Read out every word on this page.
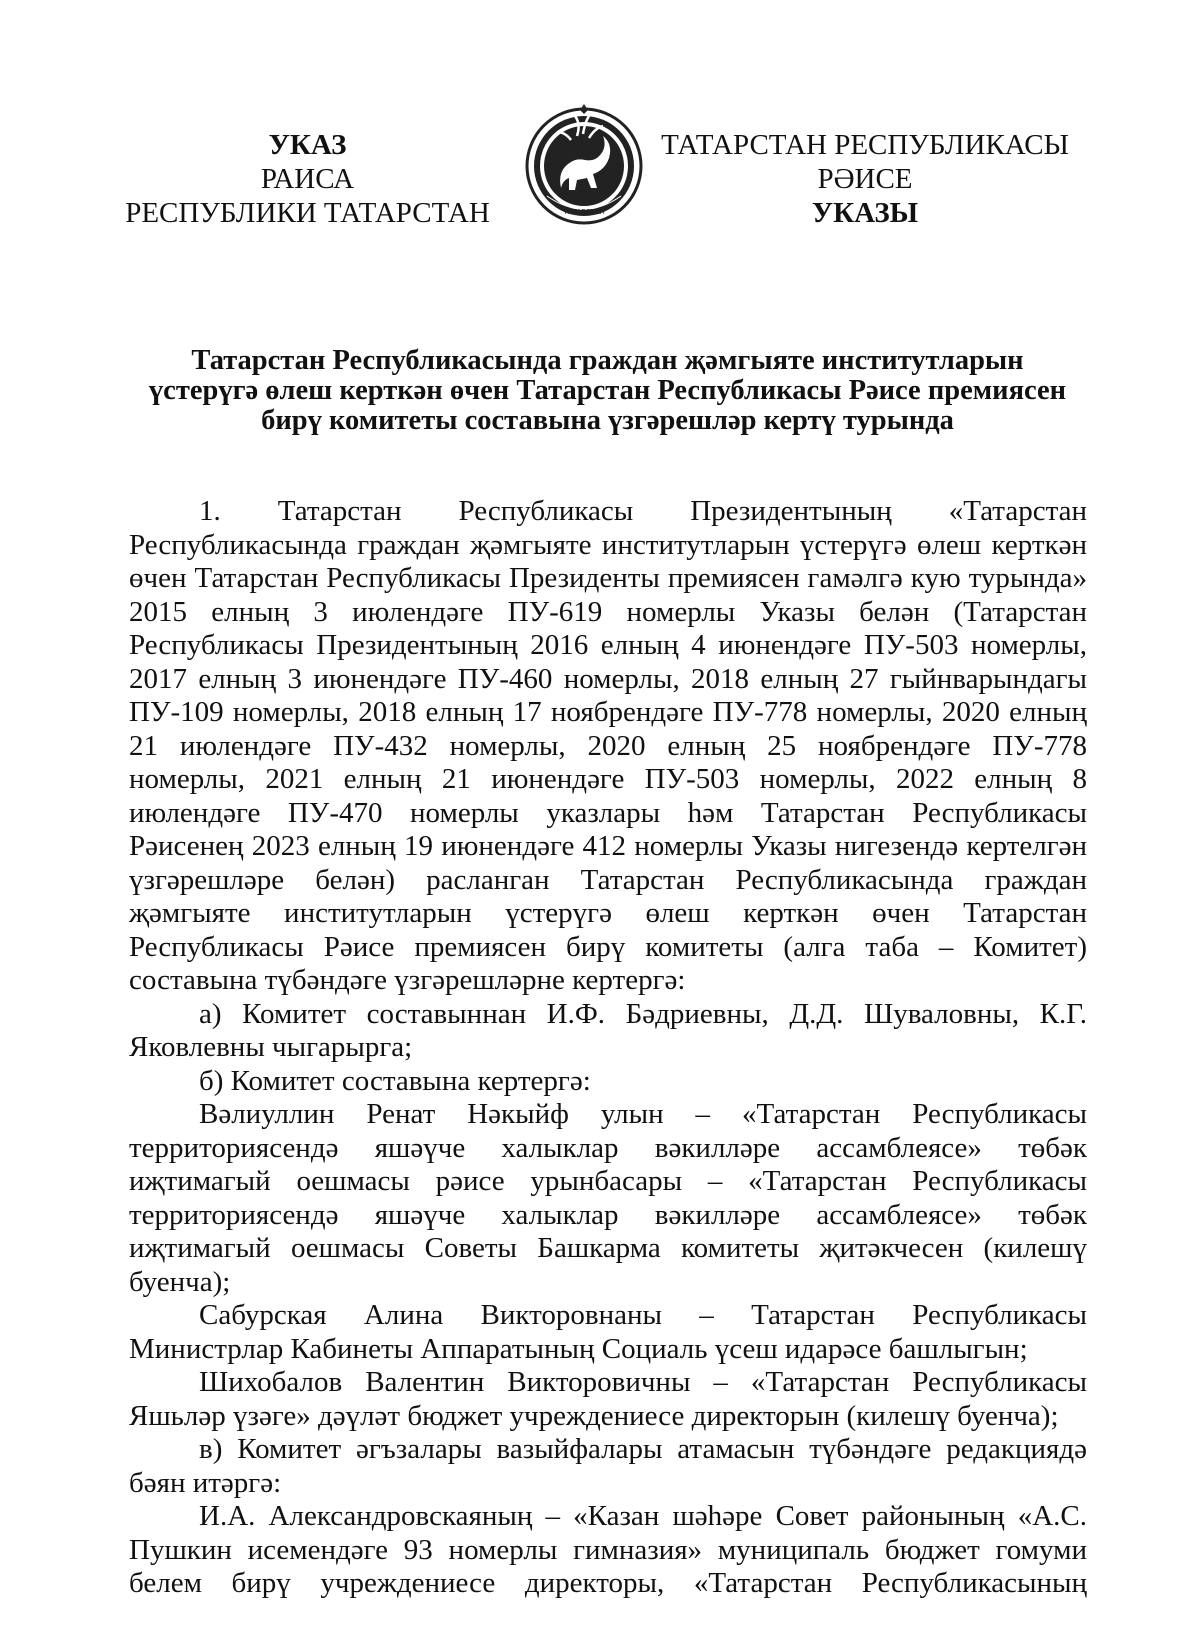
УКАЗ
РАИСА
РЕСПУБЛИКИ ТАТАРСТАН	ТАТАРСТАН
ТАТАРСТАН РЕСПУБЛИКАСЫ
РӘИСЕ
УКАЗЫ
Татарстан Республикасында граждан җәмгыяте институтларын
үстерүгә өлеш керткән өчен Татарстан Республикасы Рәисе премиясен
бирү комитеты составына үзгәрешләр кертү турында

1. Татарстан Республикасы Президентының «Татарстан Республикасында граждан җәмгыяте институтларын үстерүгә өлеш керткән өчен Татарстан Республикасы Президенты премиясен гамәлгә кую турында» 2015 елның 3 июлендәге ПУ-619 номерлы Указы белән (Татарстан Республикасы Президентының 2016 елның 4 июнендәге ПУ-503 номерлы, 2017 елның 3 июнендәге ПУ-460 номерлы, 2018 елның 27 гыйнварындагы ПУ-109 номерлы, 2018 елның 17 ноябрендәге ПУ-778 номерлы, 2020 елның 21 июлендәге ПУ-432 номерлы, 2020 елның 25 ноябрендәге ПУ-778 номерлы, 2021 елның 21 июнендәге ПУ-503 номерлы, 2022 елның 8 июлендәге ПУ-470 номерлы указлары һәм Татарстан Республикасы Рәисенең 2023 елның 19 июнендәге 412 номерлы Указы нигезендә кертелгән үзгәрешләре белән) расланган Татарстан Республикасында граждан җәмгыяте институтларын үстерүгә өлеш керткән өчен Татарстан Республикасы Рәисе премиясен бирү комитеты (алга таба – Комитет) составына түбәндәге үзгәрешләрне кертергә:

а) Комитет составыннан И.Ф. Бәдриевны, Д.Д. Шуваловны, К.Г. Яковлевны чыгарырга;

б) Комитет составына кертергә:

Вәлиуллин Ренат Нәкыйф улын – «Татарстан Республикасы территориясендә яшәүче халыклар вәкилләре ассамблеясе» төбәк иҗтимагый оешмасы рәисе урынбасары – «Татарстан Республикасы территориясендә яшәүче халыклар вәкилләре ассамблеясе» төбәк иҗтимагый оешмасы Советы Башкарма комитеты җитәкчесен (килешү буенча);

Сабурская Алина Викторовнаны – Татарстан Республикасы Министрлар Кабинеты Аппаратының Социаль үсеш идарәсе башлыгын;

Шихобалов Валентин Викторовичны – «Татарстан Республикасы Яшьләр үзәге» дәүләт бюджет учреждениесе директорын (килешү буенча);

в) Комитет әгъзалары вазыйфалары атамасын түбәндәге редакциядә бәян итәргә:

И.А. Александровскаяның – «Казан шәһәре Совет районының «А.С. Пушкин исемендәге 93 номерлы гимназия» муниципаль бюджет гомуми белем бирү учреждениесе директоры, «Татарстан Республикасының
